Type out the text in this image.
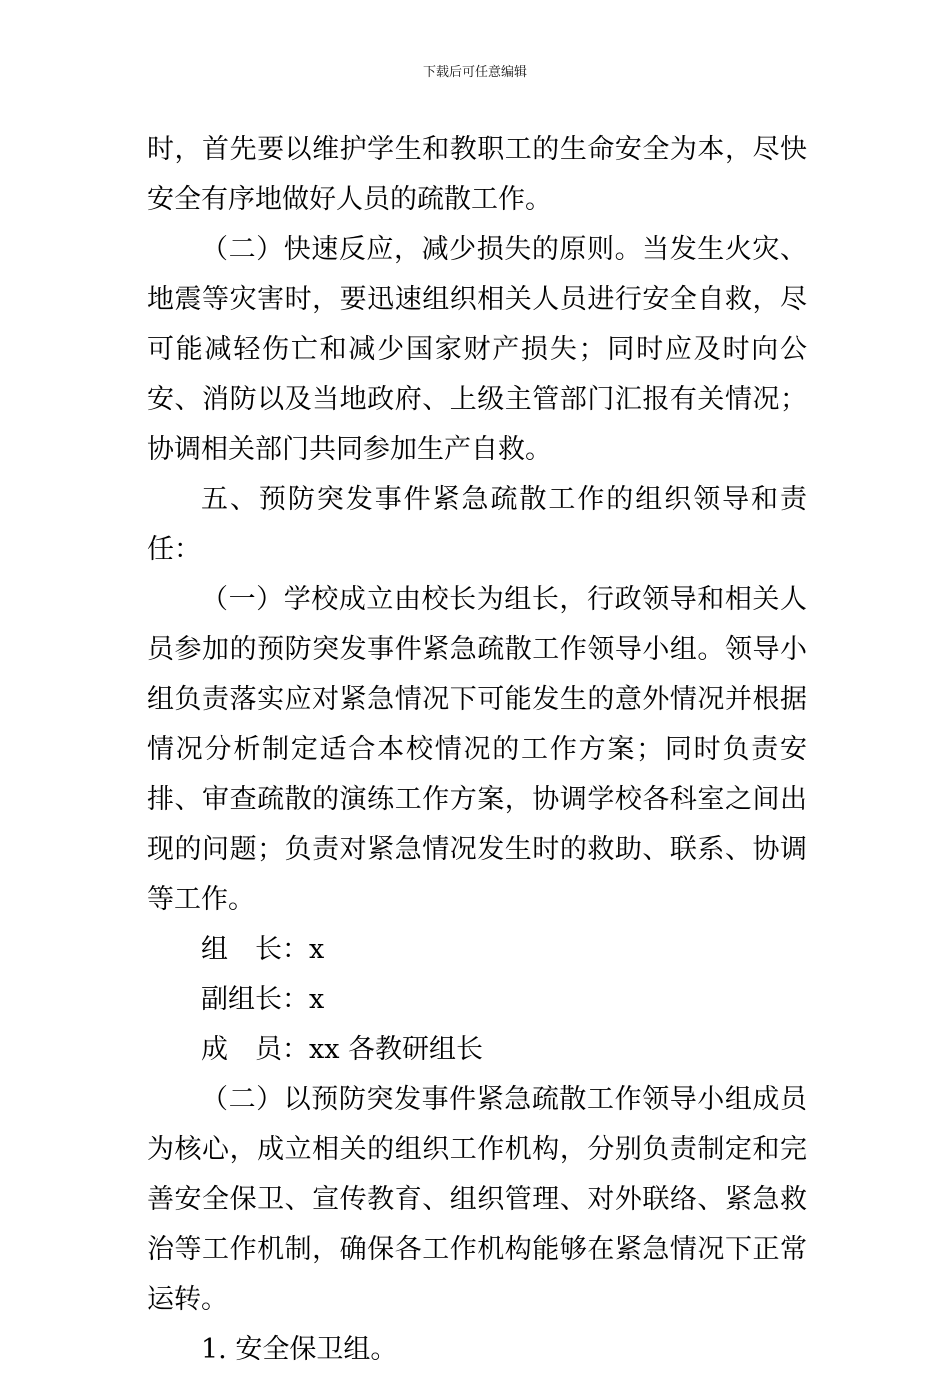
下载后可任意编辑

时，首先要以维护学生和教职工的生命安全为本，尽快安全有序地做好人员的疏散工作。

（二）快速反应，减少损失的原则。当发生火灾、地震等灾害时，要迅速组织相关人员进行安全自救，尽可能减轻伤亡和减少国家财产损失；同时应及时向公安、消防以及当地政府、上级主管部门汇报有关情况；协调相关部门共同参加生产自救。

五、预防突发事件紧急疏散工作的组织领导和责任：

（一）学校成立由校长为组长，行政领导和相关人员参加的预防突发事件紧急疏散工作领导小组。领导小组负责落实应对紧急情况下可能发生的意外情况并根据情况分析制定适合本校情况的工作方案；同时负责安排、审查疏散的演练工作方案，协调学校各科室之间出现的问题；负责对紧急情况发生时的救助、联系、协调等工作。

组　长：x

副组长：x

成　员：xx 各教研组长

（二）以预防突发事件紧急疏散工作领导小组成员为核心，成立相关的组织工作机构，分别负责制定和完善安全保卫、宣传教育、组织管理、对外联络、紧急救治等工作机制，确保各工作机构能够在紧急情况下正常运转。

1. 安全保卫组。
